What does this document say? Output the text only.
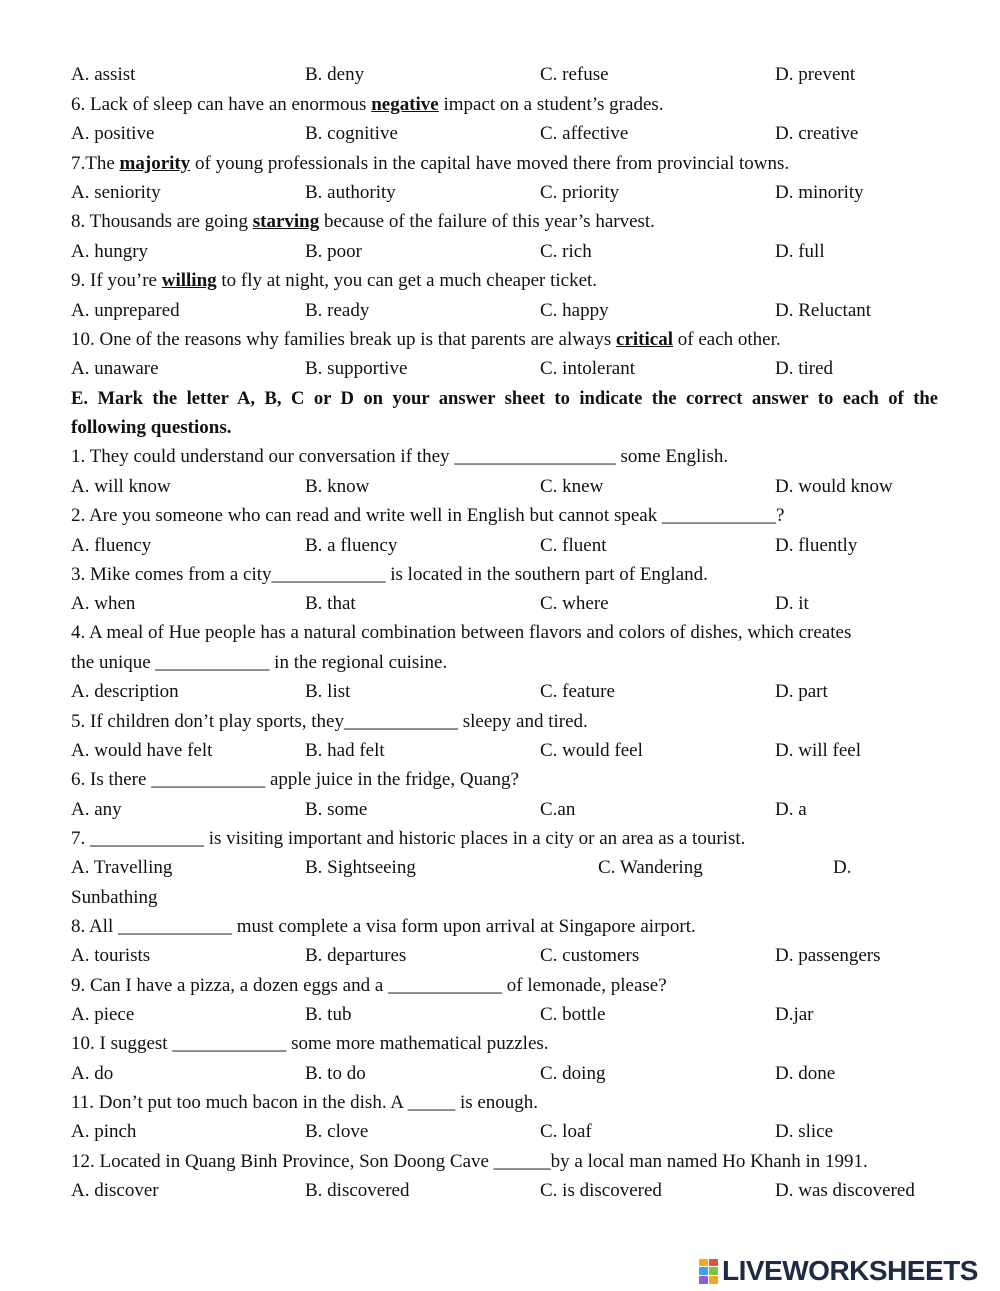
A. assist	B. deny	C. refuse	D. prevent
6. Lack of sleep can have an enormous negative impact on a student’s grades.
A. positive	B. cognitive	C. affective	D. creative
7.The majority of young professionals in the capital have moved there from provincial towns.
A. seniority	B. authority	C. priority	D. minority
8. Thousands are going starving because of the failure of this year’s harvest.
A. hungry	B. poor	C. rich	D. full
9. If you’re willing to fly at night, you can get a much cheaper ticket.
A. unprepared	B. ready	C. happy	D. Reluctant
10. One of the reasons why families break up is that parents are always critical of each other.
A. unaware	B. supportive	C. intolerant	D. tired
E. Mark the letter A, B, C or D on your answer sheet to indicate the correct answer to each of the
following questions.
1. They could understand our conversation if they _________________ some English.
A. will know	B. know	C. knew	D. would know
2. Are you someone who can read and write well in English but cannot speak ____________?
A. fluency	B. a fluency	C. fluent	D. fluently
3. Mike comes from a city____________ is located in the southern part of England.
A. when	B. that	C. where	D. it
4. A meal of Hue people has a natural combination between flavors and colors of dishes, which creates
the unique ____________ in the regional cuisine.
A. description	B. list	C. feature	D. part
5. If children don’t play sports, they____________ sleepy and tired.
A. would have felt	B. had felt	C. would feel	D. will feel
6. Is there ____________ apple juice in the fridge, Quang?
A. any	B. some	C.an	D. a
7. ____________ is visiting important and historic places in a city or an area as a tourist.
A. Travelling	B. Sightseeing	C. Wandering	D.
Sunbathing
8. All ____________ must complete a visa form upon arrival at Singapore airport.
A. tourists	B. departures	C. customers	D. passengers
9. Can I have a pizza, a dozen eggs and a ____________ of lemonade, please?
A. piece	B. tub	C. bottle	D.jar
10. I suggest ____________ some more mathematical puzzles.
A. do	B. to do	C. doing	D. done
11. Don’t put too much bacon in the dish. A _____ is enough.
A. pinch	B. clove	C. loaf	D. slice
12. Located in Quang Binh Province, Son Doong Cave ______by a local man named Ho Khanh in 1991.
A. discover	B. discovered	C. is discovered	D. was discovered
LIVEWORKSHEETS
